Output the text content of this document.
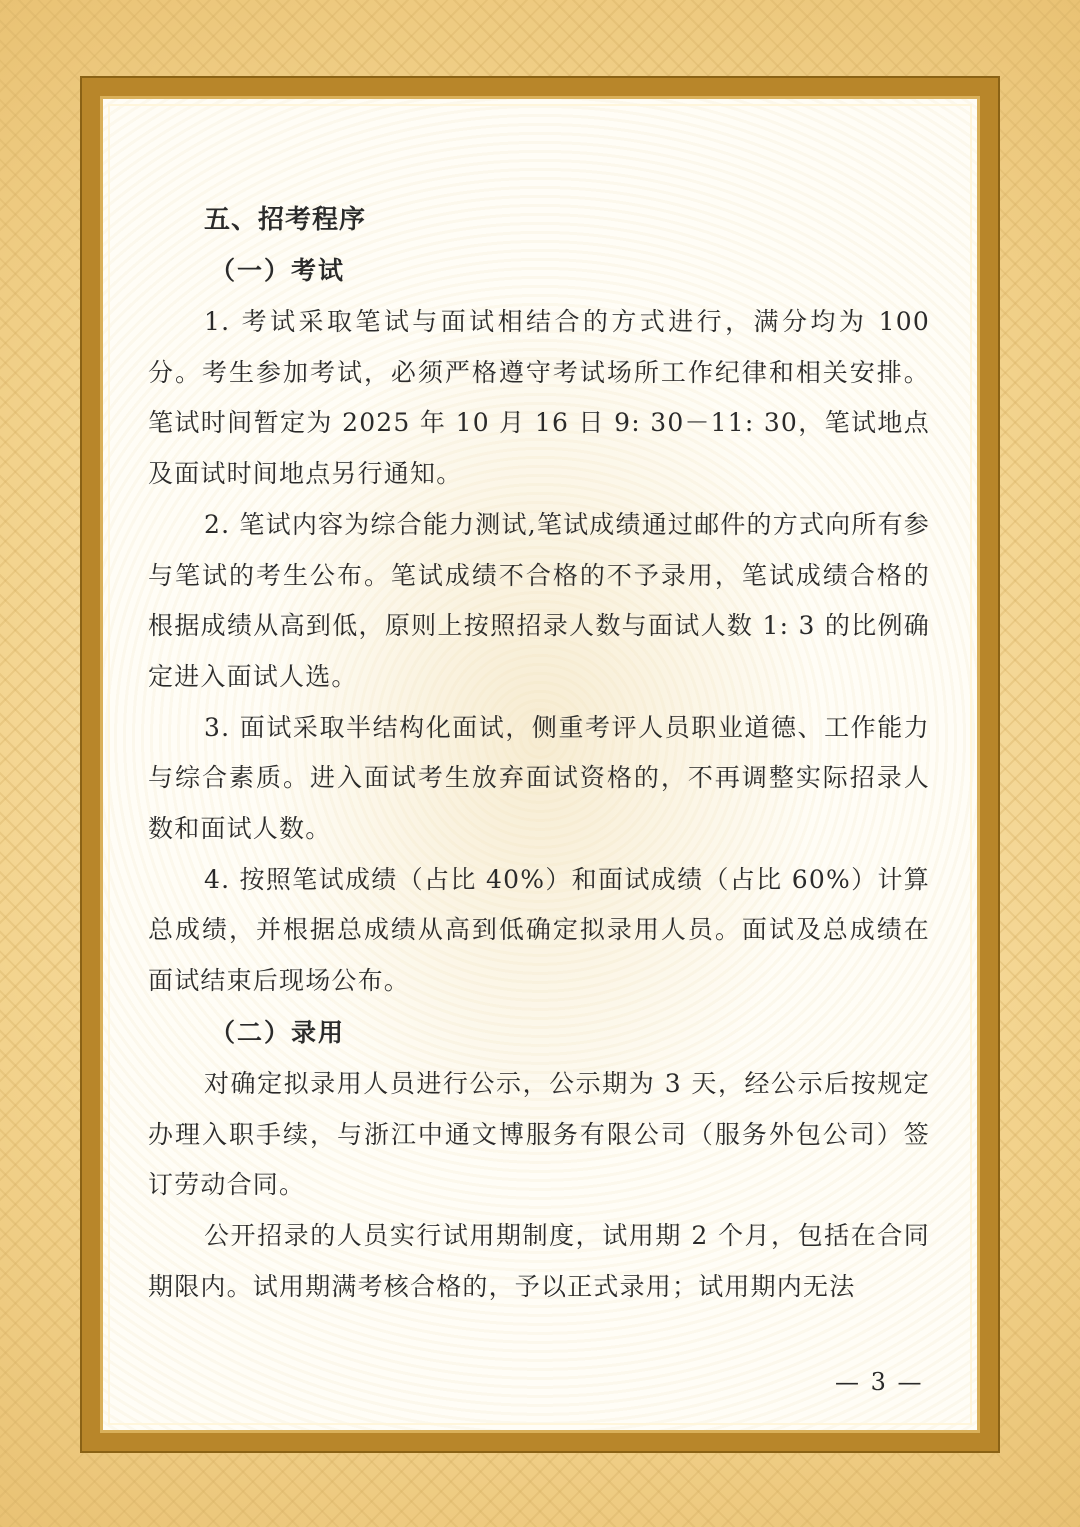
五、招考程序
（一）考试

1. 考试采取笔试与面试相结合的方式进行，满分均为 100 分。考生参加考试，必须严格遵守考试场所工作纪律和相关安排。笔试时间暂定为 2025 年 10 月 16 日 9: 30－11: 30，笔试地点及面试时间地点另行通知。

2. 笔试内容为综合能力测试,笔试成绩通过邮件的方式向所有参与笔试的考生公布。笔试成绩不合格的不予录用，笔试成绩合格的根据成绩从高到低，原则上按照招录人数与面试人数 1: 3 的比例确定进入面试人选。

3. 面试采取半结构化面试，侧重考评人员职业道德、工作能力与综合素质。进入面试考生放弃面试资格的，不再调整实际招录人数和面试人数。

4. 按照笔试成绩（占比 40%）和面试成绩（占比 60%）计算总成绩，并根据总成绩从高到低确定拟录用人员。面试及总成绩在面试结束后现场公布。

（二）录用

对确定拟录用人员进行公示，公示期为 3 天，经公示后按规定办理入职手续，与浙江中通文博服务有限公司（服务外包公司）签订劳动合同。

公开招录的人员实行试用期制度，试用期 2 个月，包括在合同期限内。试用期满考核合格的，予以正式录用；试用期内无法

— 3 —
